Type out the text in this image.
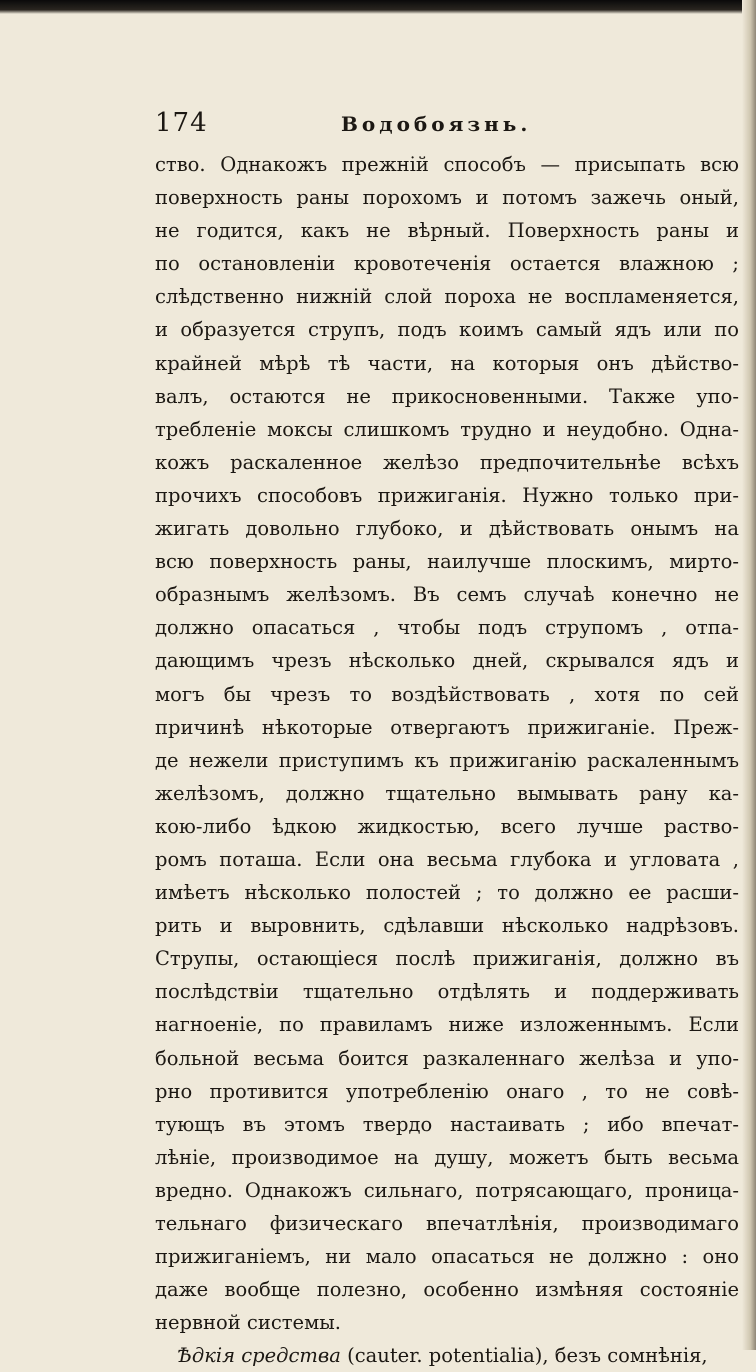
174	Водобоязнь.
ство. Однакожъ прежній способъ — присыпать всю
поверхность раны порохомъ и потомъ зажечь оный,
не годится, какъ не вѣрный. Поверхность раны и
по остановленіи кровотеченія остается влажною ;
слѣдственно нижній слой пороха не воспламеняется,
и образуется струпъ, подъ коимъ самый ядъ или по
крайней мѣрѣ тѣ части, на которыя онъ дѣйство-
валъ, остаются не прикосновенными. Также упо-
требленіе моксы слишкомъ трудно и неудобно. Одна-
кожъ раскаленное желѣзо предпочительнѣе всѣхъ
прочихъ способовъ прижиганія. Нужно только при-
жигать довольно глубоко, и дѣйствовать онымъ на
всю поверхность раны, наилучше плоскимъ, миртo-
образнымъ желѣзомъ. Въ семъ случаѣ конечно не
должно опасаться , чтобы подъ струпомъ , отпа-
дающимъ чрезъ нѣсколько дней, скрывался ядъ и
могъ бы чрезъ то воздѣйствовать , хотя по сей
причинѣ нѣкоторые отвергаютъ прижиганіе. Преж-
де нежели приступимъ къ прижиганію раскаленнымъ
желѣзомъ, должно тщательно вымывать рану ка-
кою-либо ѣдкою жидкостью, всего лучше раство-
ромъ поташа. Если она весьма глубока и угловата ,
имѣетъ нѣсколько полостей ; то должно ее расши-
рить и выровнить, сдѣлавши нѣсколько надрѣзовъ.
Струпы, остающіеся послѣ прижиганія, должно въ
послѣдствіи тщательно отдѣлять и поддерживать
нагноеніе, по правиламъ ниже изложеннымъ. Если
больной весьма боится разкаленнаго желѣза и упо-
рно противится употребленію онаго , то не совѣ-
тующъ въ этомъ твердо настаивать ; ибо впечат-
лѣніе, производимое на душу, можетъ быть весьма
вредно. Однакожъ сильнаго, потрясающаго, проница-
тельнаго физическаго впечатлѣнія, производимаго
прижиганіемъ, ни мало опасаться не должно : оно
даже вообще полезно, особенно измѣняя состояніе
нервной системы.
Ѣдкія средства (cauter. potentialia), безъ сомнѣнія,
